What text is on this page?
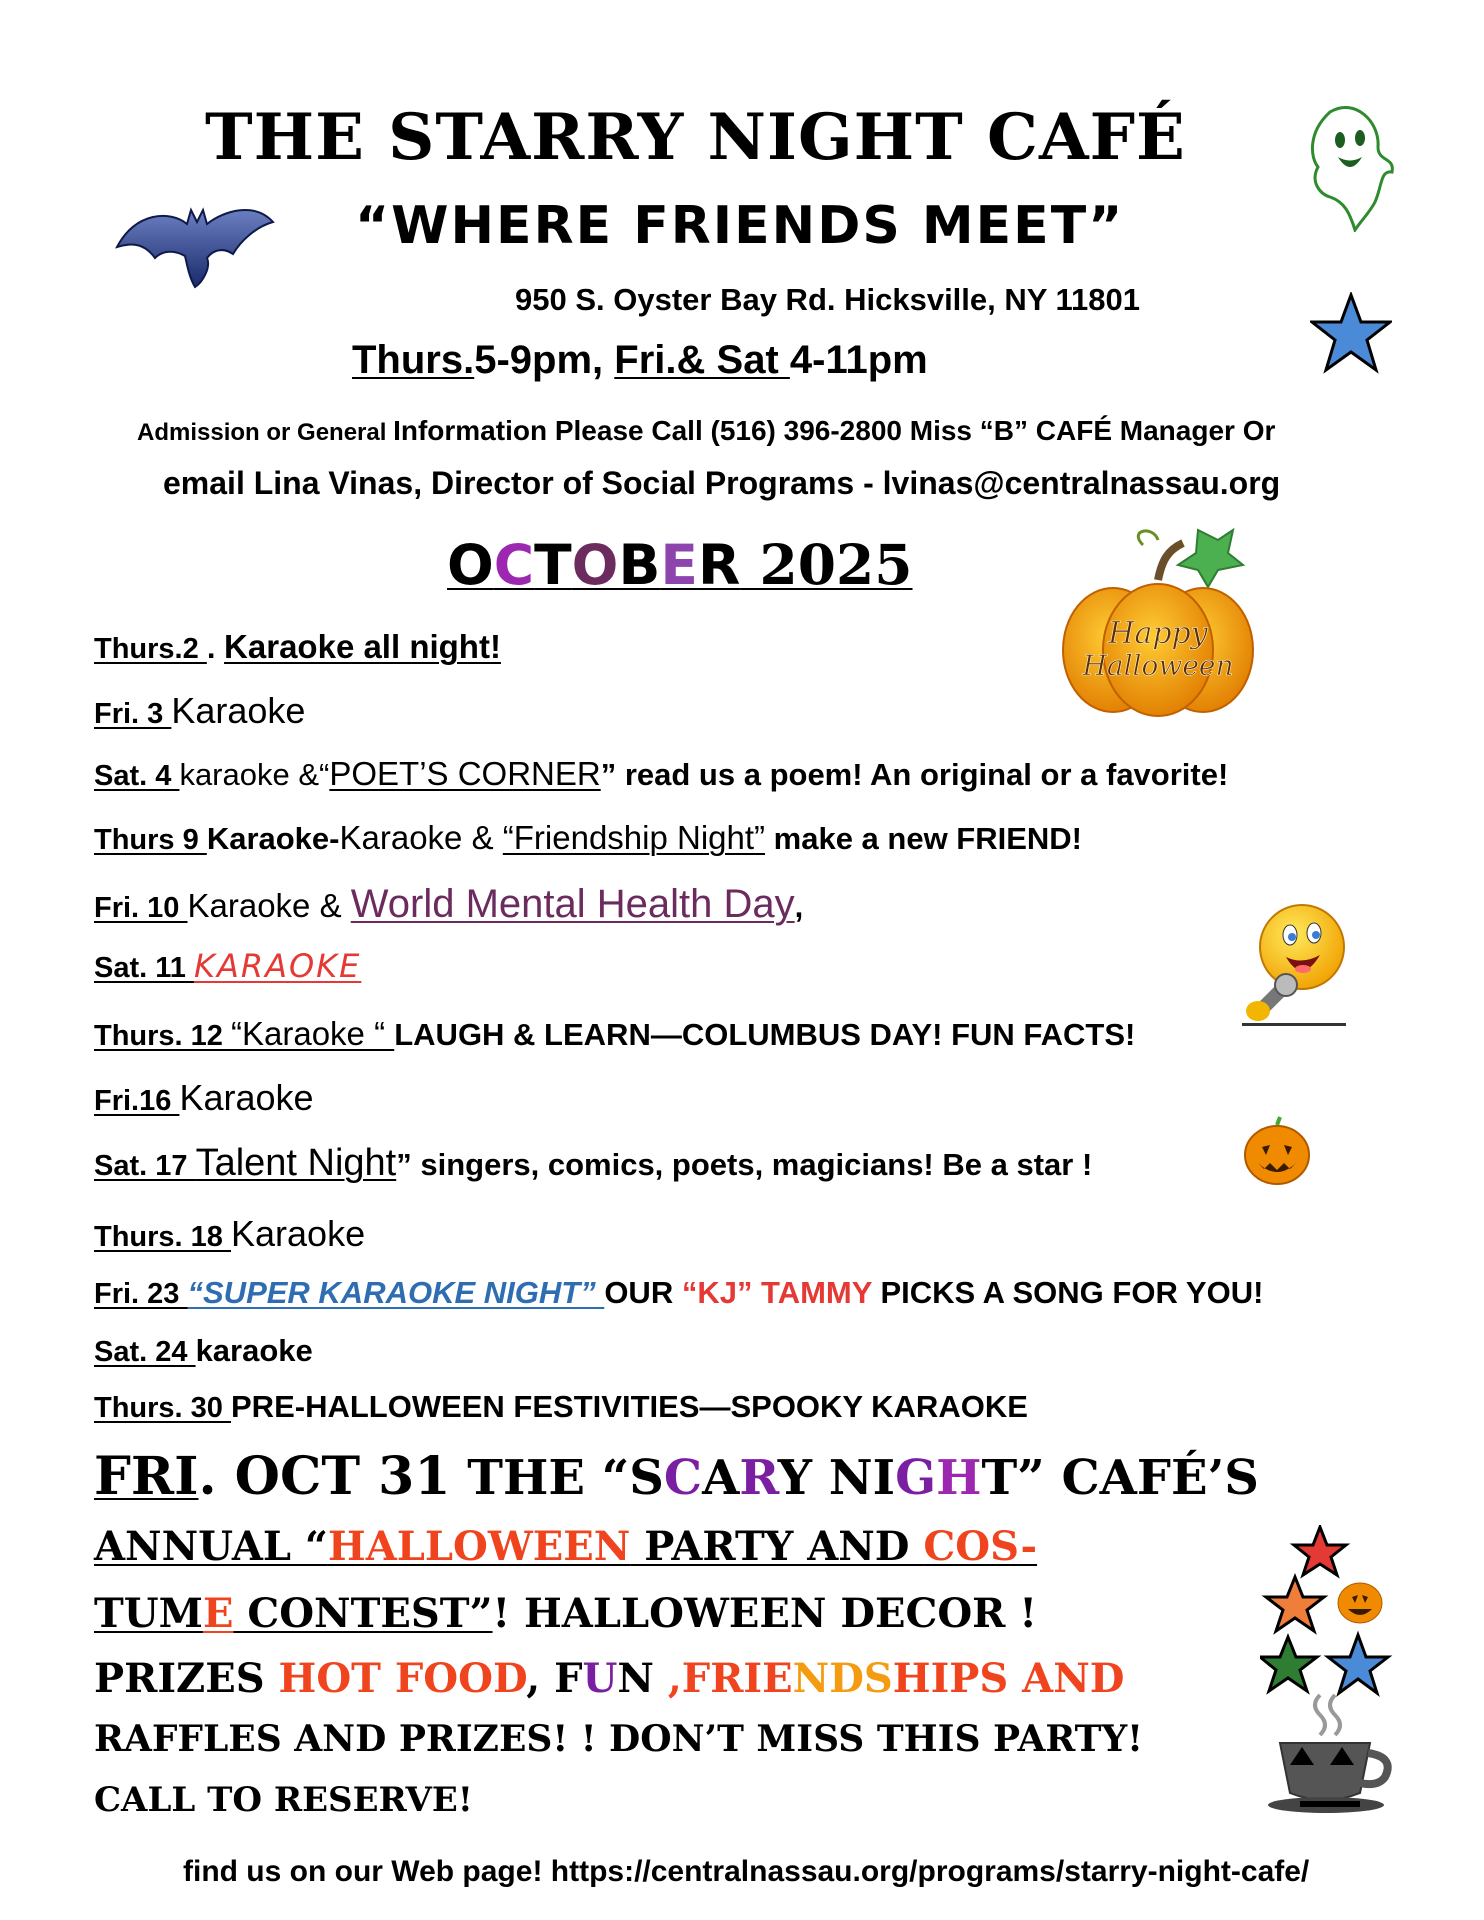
THE STARRY NIGHT CAFÉ
“WHERE FRIENDS MEET”
950 S. Oyster Bay Rd. Hicksville, NY 11801
Thurs.5-9pm, Fri.& Sat 4-11pm
Admission or General Information Please Call (516) 396-2800 Miss “B” CAFÉ Manager Or
email Lina Vinas, Director of Social Programs - lvinas@centralnassau.org
OCTOBER 2025
Happy
Halloween
Thurs.2 . Karaoke all night!
Fri. 3 Karaoke
Sat. 4 karaoke &“POET’S CORNER” read us a poem! An original or a favorite!
Thurs 9 Karaoke-Karaoke & “Friendship Night” make a new FRIEND!
Fri. 10 Karaoke & World Mental Health Day,
Sat. 11 KARAOKE
Thurs. 12 “Karaoke “ LAUGH & LEARN—COLUMBUS DAY! FUN FACTS!
Fri.16 Karaoke
Sat. 17 Talent Night” singers, comics, poets, magicians! Be a star !
Thurs. 18 Karaoke
Fri. 23 “SUPER KARAOKE NIGHT” OUR “KJ” TAMMY PICKS A SONG FOR YOU!
Sat. 24 karaoke
Thurs. 30 PRE-HALLOWEEN FESTIVITIES—SPOOKY KARAOKE
FRI. OCT 31 THE “SCARY NIGHT” CAFÉ’S
ANNUAL “HALLOWEEN PARTY AND COS-
TUME CONTEST”! HALLOWEEN DECOR !
PRIZES HOT FOOD, FUN ,FRIENDSHIPS AND
RAFFLES AND PRIZES! ! DON’T MISS THIS PARTY!
CALL TO RESERVE!
find us on our Web page! https://centralnassau.org/programs/starry-night-cafe/
